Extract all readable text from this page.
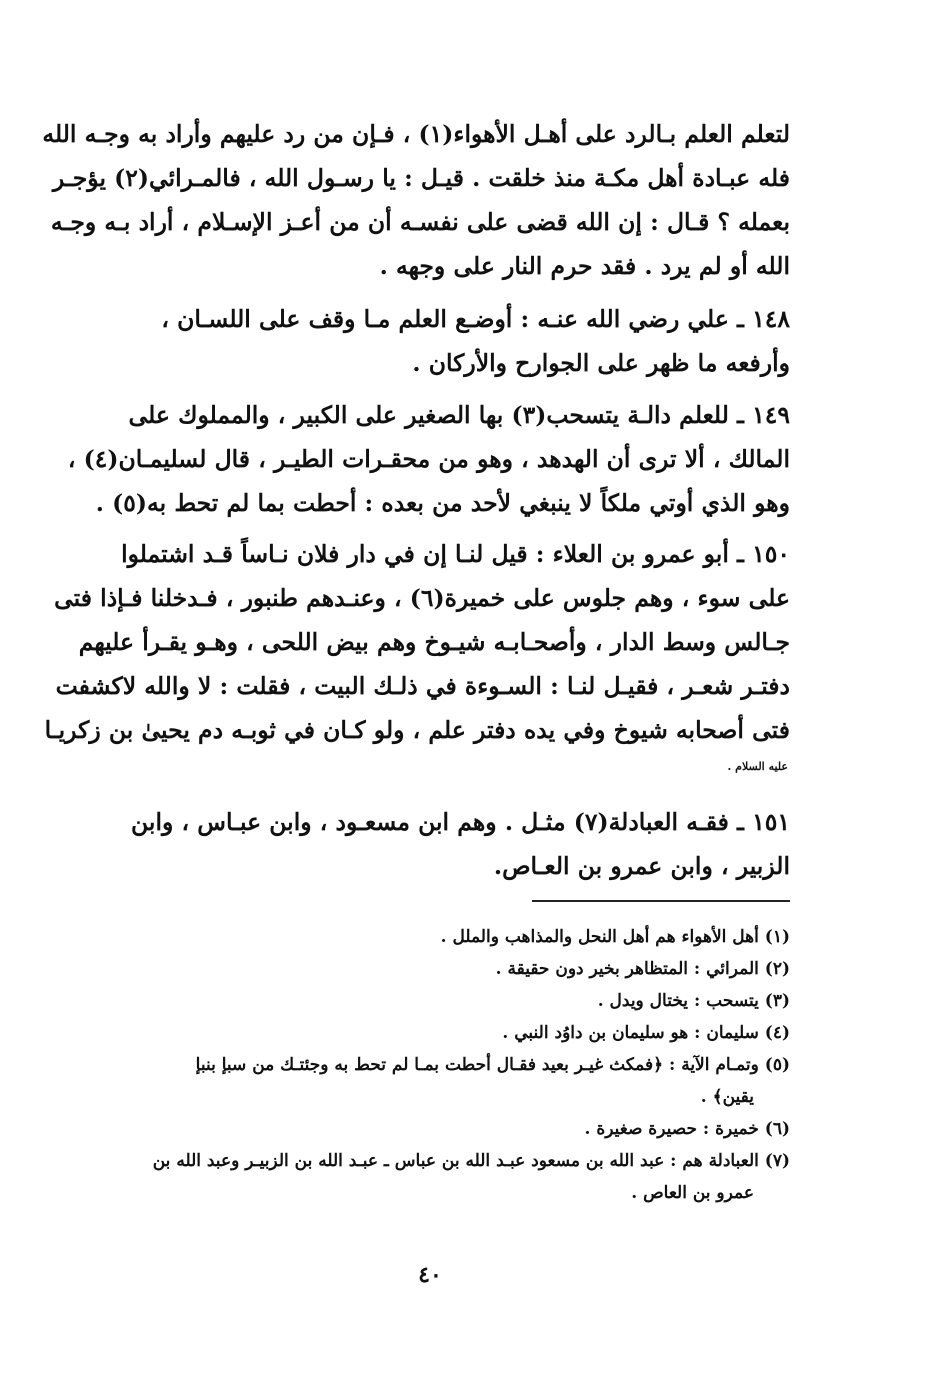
لتعلم العلم بـالرد على أهـل الأهواء(١) ، فـإن من رد عليهم وأراد به وجـه الله
فله عبـادة أهل مكـة منذ خلقت . قيـل : يا رسـول الله ، فالمـرائي(٢) يؤجـر
بعمله ؟ قـال : إن الله قضى على نفسـه أن من أعـز الإسـلام ، أراد بـه وجـه
الله أو لم يرد . فقد حرم النار على وجهه .
١٤٨ ـ علي رضي الله عنـه : أوضـع العلم مـا وقف على اللسـان ،
وأرفعه ما ظهر على الجوارح والأركان .
١٤٩ ـ للعلم دالـة يتسحب(٣) بها الصغير على الكبير ، والمملوك على
المالك ، ألا ترى أن الهدهد ، وهو من محقـرات الطيـر ، قال لسليمـان(٤) ،
وهو الذي أوتي ملكاً لا ينبغي لأحد من بعده : أحطت بما لم تحط به(٥) .
١٥٠ ـ أبو عمرو بن العلاء : قيل لنـا إن في دار فلان نـاساً قـد اشتملوا
على سوء ، وهم جلوس على خميرة(٦) ، وعنـدهم طنبور ، فـدخلنا فـإذا فتى
جـالس وسط الدار ، وأصحـابـه شيـوخ وهم بيض اللحى ، وهـو يقـرأ عليهم
دفتـر شعـر ، فقيـل لنـا : السـوءة في ذلـك البيت ، فقلت : لا والله لاكشفت
فتى أصحابه شيوخ وفي يده دفتر علم ، ولو كـان في ثوبـه دم يحيىٰ بن زكريـا
عليه السلام .
١٥١ ـ فقـه العبادلة(٧) مثـل . وهم ابن مسعـود ، وابن عبـاس ، وابن
الزبير ، وابن عمرو بن العـاص.
(١) أهل الأهواء هم أهل النحل والمذاهب والملل .
(٢) المرائي : المتظاهر بخير دون حقيقة .
(٣) يتسحب : يختال ويدل .
(٤) سليمان : هو سليمان بن داوُد النبي .
(٥) وتمـام الآية : ﴿فمكث غيـر بعيد فقـال أحطت بمـا لم تحط به وجئتـك من سبإ بنبإ
يقين﴾ .
(٦) خميرة : حصيرة صغيرة .
(٧) العبادلة هم : عبد الله بن مسعود عبـد الله بن عباس ـ عبـد الله بن الزبيـر وعبد الله بن
عمرو بن العاص .
٤٠
